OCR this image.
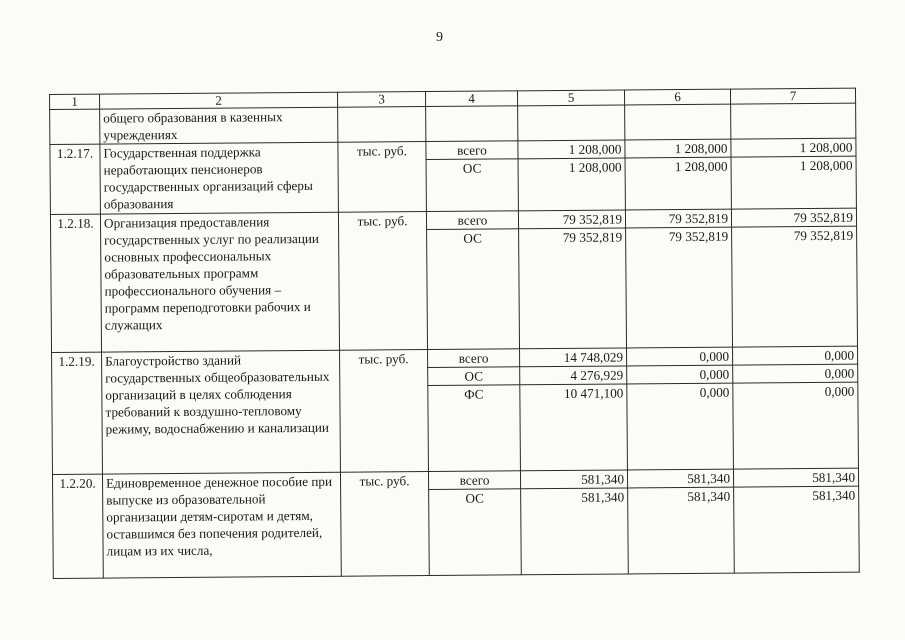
9
1	2	3	4	5	6	7
	общего образования в казенных учреждениях					
1.2.17.	Государственная поддержка неработающих пенсионеров государственных организаций сферы образования	тыс. руб.	всего	1 208,000	1 208,000	1 208,000
			ОС	1 208,000	1 208,000	1 208,000
1.2.18.	Организация предоставления государственных услуг по реализации основных профессиональных образовательных программ профессионального обучения – программ переподготовки рабочих и служащих	тыс. руб.	всего	79 352,819	79 352,819	79 352,819
			ОС	79 352,819	79 352,819	79 352,819
1.2.19.	Благоустройство зданий государственных общеобразовательных организаций в целях соблюдения требований к воздушно-тепловому режиму, водоснабжению и канализации	тыс. руб.	всего	14 748,029	0,000	0,000
			ОС	4 276,929	0,000	0,000
			ФС	10 471,100	0,000	0,000
1.2.20.	Единовременное денежное пособие при выпуске из образовательной организации детям-сиротам и детям, оставшимся без попечения родителей, лицам из их числа,	тыс. руб.	всего	581,340	581,340	581,340
			ОС	581,340	581,340	581,340
